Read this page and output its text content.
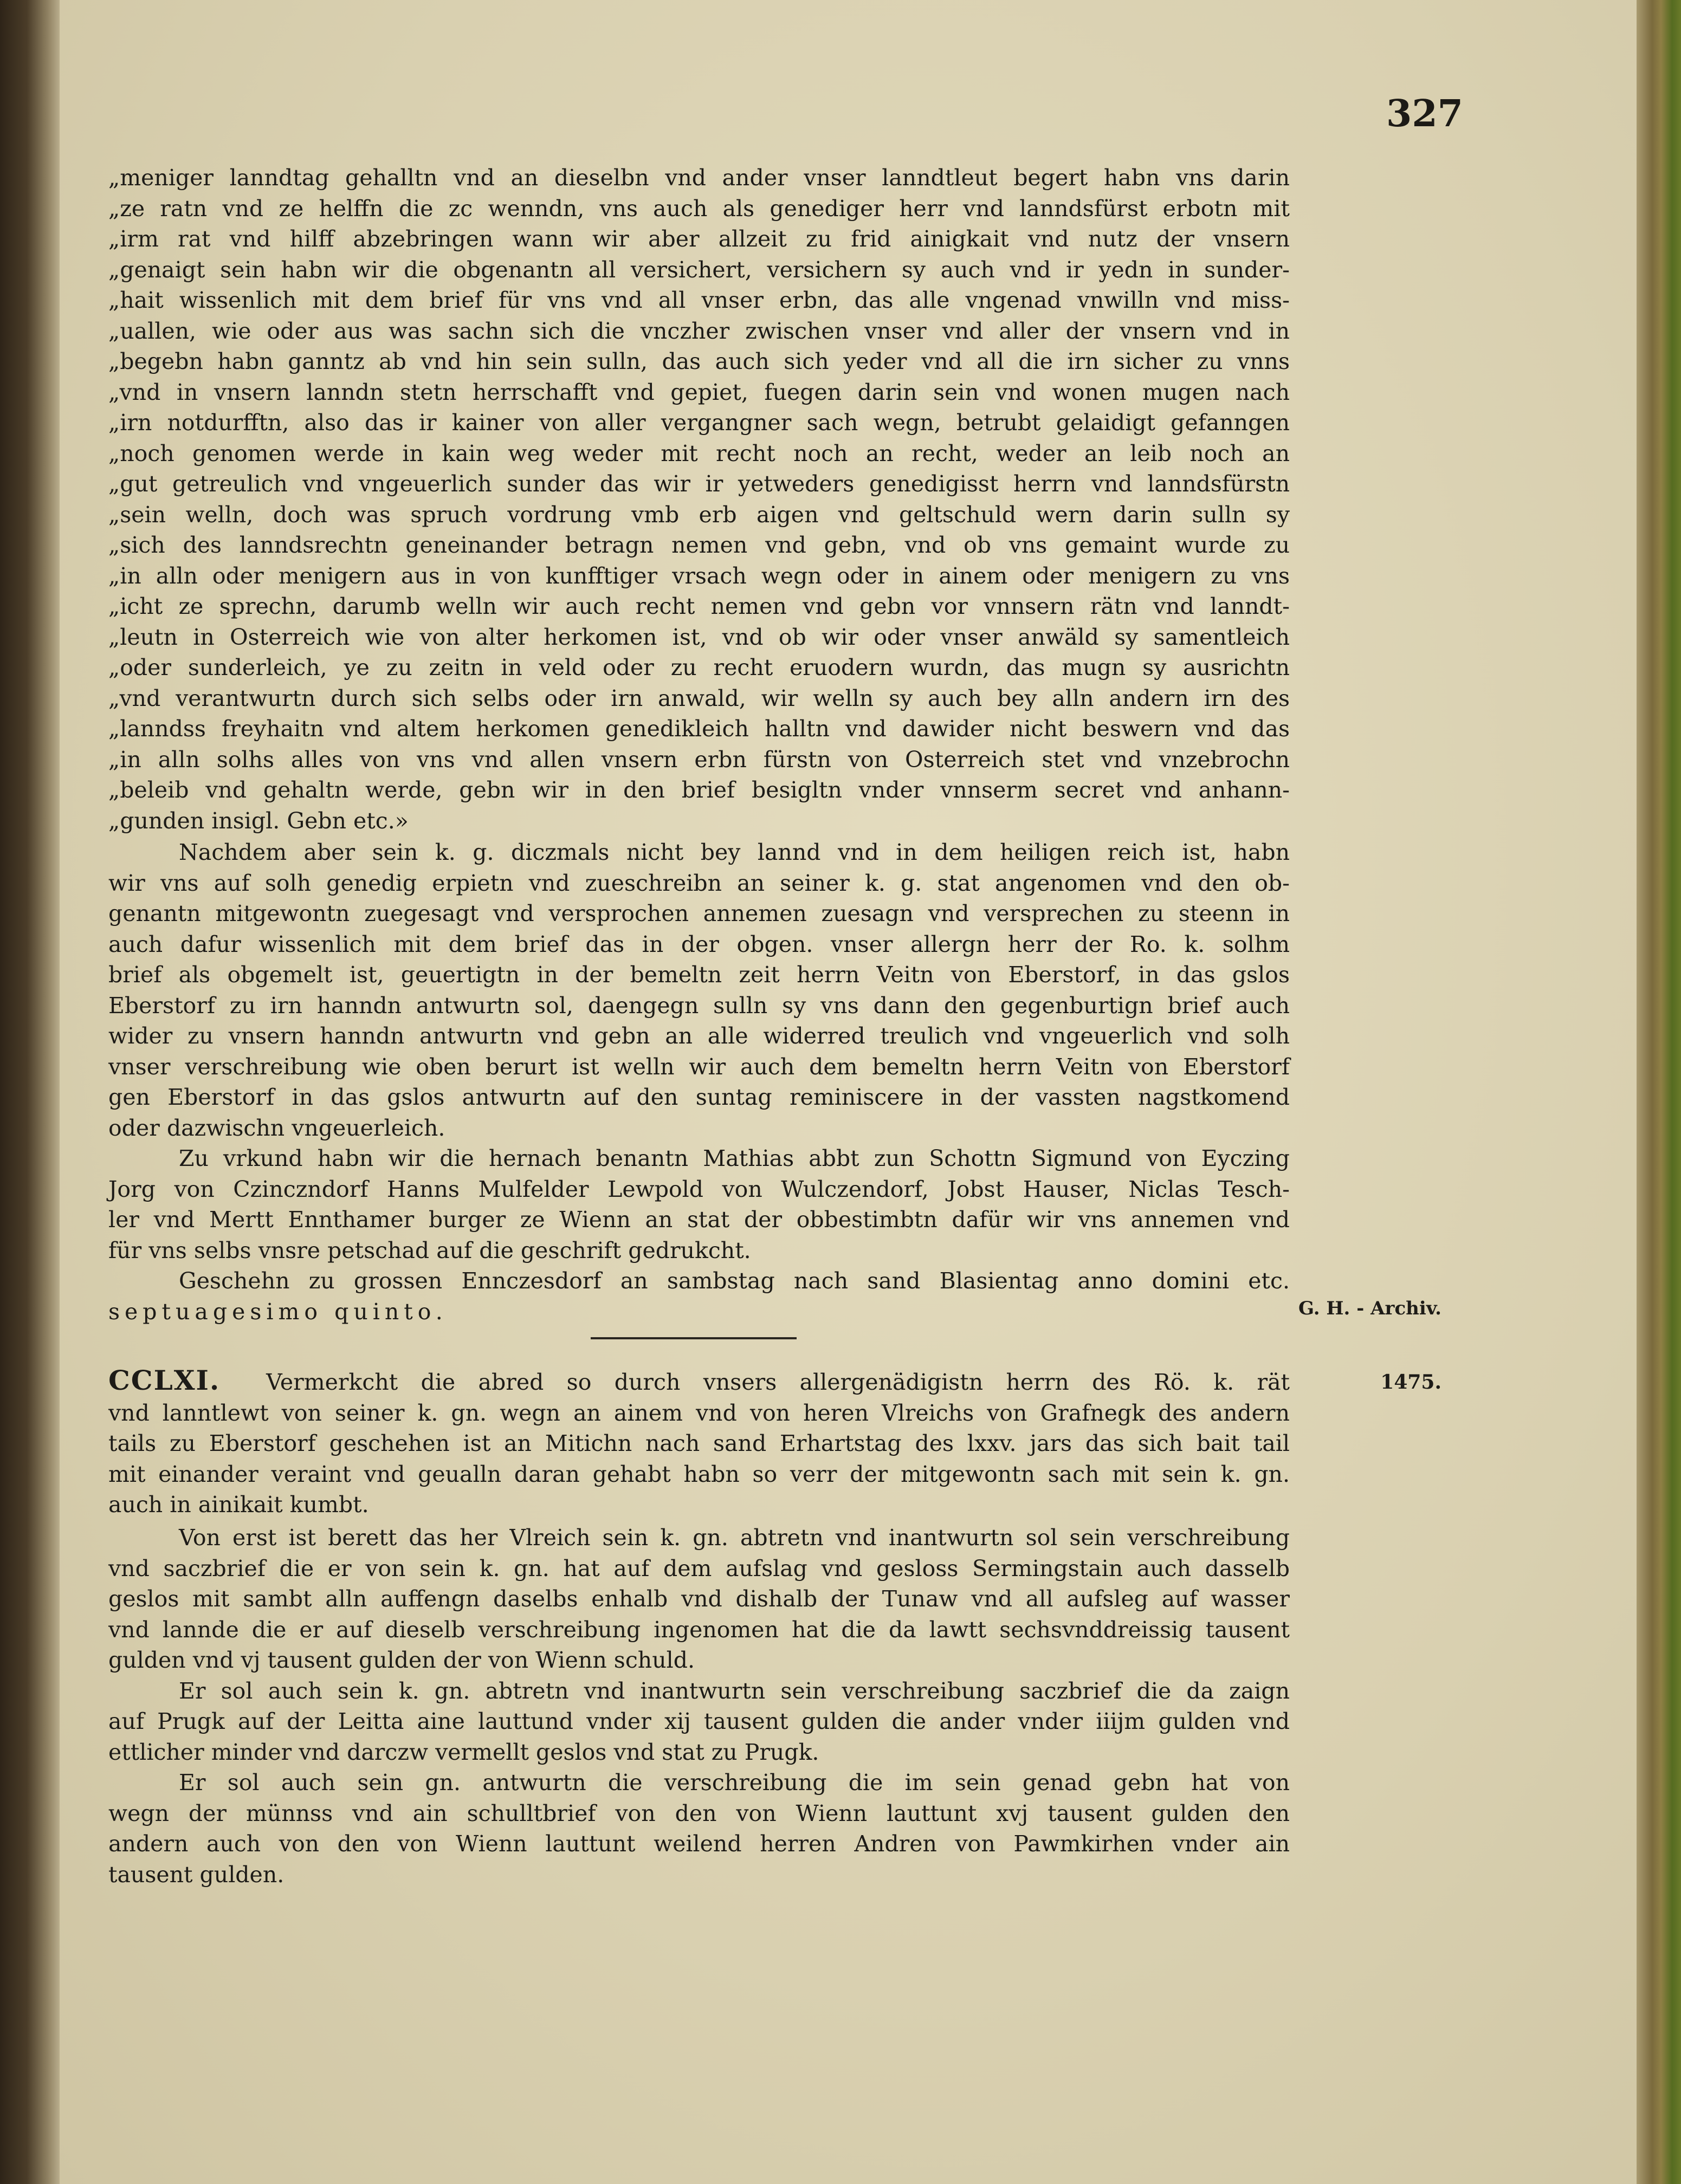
327
„meniger lanndtag gehalltn vnd an dieselbn vnd ander vnser lanndtleut begert habn vns darin
„ze ratn vnd ze helffn die zc wenndn, vns auch als genediger herr vnd lanndsfürst erbotn mit
„irm rat vnd hilff abzebringen wann wir aber allzeit zu frid ainigkait vnd nutz der vnsern
„genaigt sein habn wir die obgenantn all versichert, versichern sy auch vnd ir yedn in sunder-
„hait wissenlich mit dem brief für vns vnd all vnser erbn, das alle vngenad vnwilln vnd miss-
„uallen, wie oder aus was sachn sich die vnczher zwischen vnser vnd aller der vnsern vnd in
„begebn habn ganntz ab vnd hin sein sulln, das auch sich yeder vnd all die irn sicher zu vnns
„vnd in vnsern lanndn stetn herrschafft vnd gepiet, fuegen darin sein vnd wonen mugen nach
„irn notdurfftn, also das ir kainer von aller vergangner sach wegn, betrubt gelaidigt gefanngen
„noch genomen werde in kain weg weder mit recht noch an recht, weder an leib noch an
„gut getreulich vnd vngeuerlich sunder das wir ir yetweders genedigisst herrn vnd lanndsfürstn
„sein welln, doch was spruch vordrung vmb erb aigen vnd geltschuld wern darin sulln sy
„sich des lanndsrechtn geneinander betragn nemen vnd gebn, vnd ob vns gemaint wurde zu
„in alln oder menigern aus in von kunfftiger vrsach wegn oder in ainem oder menigern zu vns
„icht ze sprechn, darumb welln wir auch recht nemen vnd gebn vor vnnsern rätn vnd lanndt-
„leutn in Osterreich wie von alter herkomen ist, vnd ob wir oder vnser anwäld sy samentleich
„oder sunderleich, ye zu zeitn in veld oder zu recht eruodern wurdn, das mugn sy ausrichtn
„vnd verantwurtn durch sich selbs oder irn anwald, wir welln sy auch bey alln andern irn des
„lanndss freyhaitn vnd altem herkomen genedikleich halltn vnd dawider nicht beswern vnd das
„in alln solhs alles von vns vnd allen vnsern erbn fürstn von Osterreich stet vnd vnzebrochn
„beleib vnd gehaltn werde, gebn wir in den brief besigltn vnder vnnserm secret vnd anhann-
„gunden insigl. Gebn etc.»
Nachdem aber sein k. g. diczmals nicht bey lannd vnd in dem heiligen reich ist, habn
wir vns auf solh genedig erpietn vnd zueschreibn an seiner k. g. stat angenomen vnd den ob-
genantn mitgewontn zuegesagt vnd versprochen annemen zuesagn vnd versprechen zu steenn in
auch dafur wissenlich mit dem brief das in der obgen. vnser allergn herr der Ro. k. solhm
brief als obgemelt ist, geuertigtn in der bemeltn zeit herrn Veitn von Eberstorf, in das gslos
Eberstorf zu irn hanndn antwurtn sol, daengegn sulln sy vns dann den gegenburtign brief auch
wider zu vnsern hanndn antwurtn vnd gebn an alle widerred treulich vnd vngeuerlich vnd solh
vnser verschreibung wie oben berurt ist welln wir auch dem bemeltn herrn Veitn von Eberstorf
gen Eberstorf in das gslos antwurtn auf den suntag reminiscere in der vassten nagstkomend
oder dazwischn vngeuerleich.
Zu vrkund habn wir die hernach benantn Mathias abbt zun Schottn Sigmund von Eyczing
Jorg von Czinczndorf Hanns Mulfelder Lewpold von Wulczendorf, Jobst Hauser, Niclas Tesch-
ler vnd Mertt Ennthamer burger ze Wienn an stat der obbestimbtn dafür wir vns annemen vnd
für vns selbs vnsre petschad auf die geschrift gedrukcht.
Geschehn zu grossen Ennczesdorf an sambstag nach sand Blasientag anno domini etc.
septuagesimo quinto.	G. H. - Archiv.
CCLXI. Vermerkcht die abred so durch vnsers allergenädigistn herrn des Rö. k. rät
vnd lanntlewt von seiner k. gn. wegn an ainem vnd von heren Vlreichs von Grafnegk des andern
tails zu Eberstorf geschehen ist an Mitichn nach sand Erhartstag des lxxv. jars das sich bait tail
mit einander veraint vnd geualln daran gehabt habn so verr der mitgewontn sach mit sein k. gn.
auch in ainikait kumbt.
1475.
Von erst ist berett das her Vlreich sein k. gn. abtretn vnd inantwurtn sol sein verschreibung
vnd saczbrief die er von sein k. gn. hat auf dem aufslag vnd gesloss Sermingstain auch dasselb
geslos mit sambt alln auffengn daselbs enhalb vnd dishalb der Tunaw vnd all aufsleg auf wasser
vnd lannde die er auf dieselb verschreibung ingenomen hat die da lawtt sechsvnddreissig tausent
gulden vnd vj tausent gulden der von Wienn schuld.
Er sol auch sein k. gn. abtretn vnd inantwurtn sein verschreibung saczbrief die da zaign
auf Prugk auf der Leitta aine lauttund vnder xij tausent gulden die ander vnder iiijm gulden vnd
ettlicher minder vnd darczw vermellt geslos vnd stat zu Prugk.
Er sol auch sein gn. antwurtn die verschreibung die im sein genad gebn hat von
wegn der münnss vnd ain schulltbrief von den von Wienn lauttunt xvj tausent gulden den
andern auch von den von Wienn lauttunt weilend herren Andren von Pawmkirhen vnder ain
tausent gulden.
